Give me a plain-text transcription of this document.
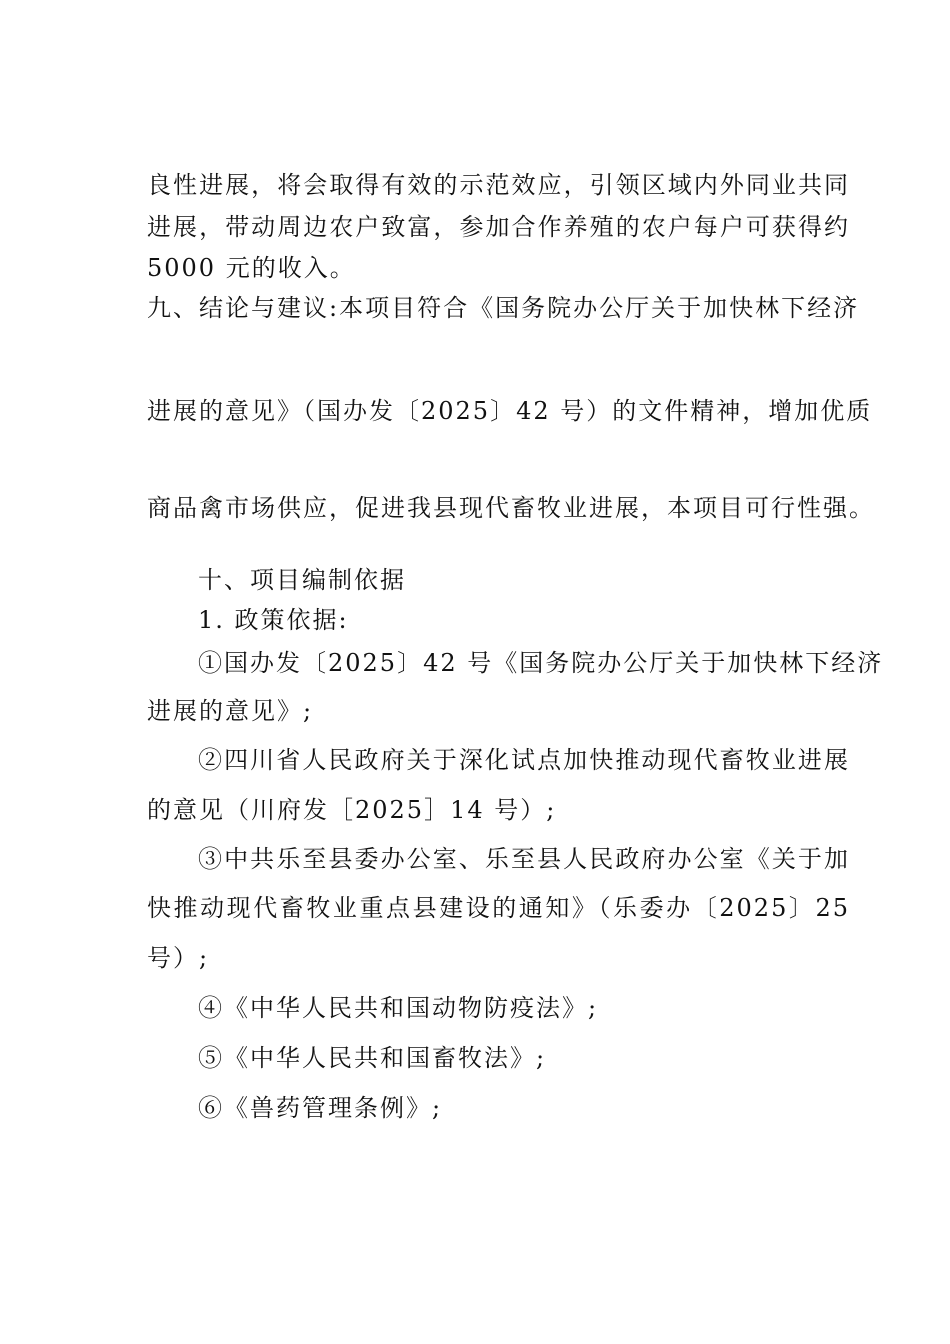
良性进展，将会取得有效的示范效应，引领区域内外同业共同
进展，带动周边农户致富，参加合作养殖的农户每户可获得约
5000 元的收入。
九、结论与建议:本项目符合《国务院办公厅关于加快林下经济
进展的意见》（国办发〔2025〕42 号）的文件精神，增加优质
商品禽市场供应，促进我县现代畜牧业进展，本项目可行性强。
十、项目编制依据
1. 政策依据:
①国办发〔2025〕42 号《国务院办公厅关于加快林下经济
进展的意见》;
②四川省人民政府关于深化试点加快推动现代畜牧业进展
的意见（川府发［2025］14 号）;
③中共乐至县委办公室、乐至县人民政府办公室《关于加
快推动现代畜牧业重点县建设的通知》（乐委办〔2025〕25
号）;
④《中华人民共和国动物防疫法》;
⑤《中华人民共和国畜牧法》;
⑥《兽药管理条例》;
